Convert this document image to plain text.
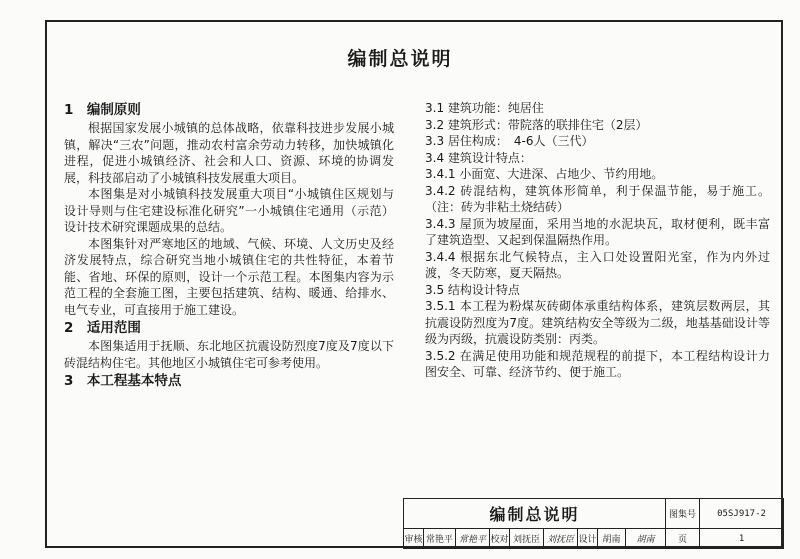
编制总说明

1　编制原则

根据国家发展小城镇的总体战略，依靠科技进步发展小城镇，解决“三农”问题，推动农村富余劳动力转移，加快城镇化进程，促进小城镇经济、社会和人口、资源、环境的协调发展，科技部启动了小城镇科技发展重大项目。

本图集是对小城镇科技发展重大项目“小城镇住区规划与设计导则与住宅建设标准化研究”一小城镇住宅通用（示范）设计技术研究课题成果的总结。

本图集针对严寒地区的地域、气候、环境、人文历史及经济发展特点，综合研究当地小城镇住宅的共性特征，本着节能、省地、环保的原则，设计一个示范工程。本图集内容为示范工程的全套施工图，主要包括建筑、结构、暖通、给排水、电气专业，可直接用于施工建设。

2　适用范围

本图集适用于抚顺、东北地区抗震设防烈度7度及7度以下砖混结构住宅。其他地区小城镇住宅可参考使用。

3　本工程基本特点

3.1 建筑功能：纯居住

3.2 建筑形式：带院落的联排住宅（2层）

3.3 居住构成：　4-6人（三代）

3.4 建筑设计特点：

3.4.1 小面宽、大进深、占地少、节约用地。

3.4.2 砖混结构，建筑体形简单，利于保温节能，易于施工。（注：砖为非粘土烧结砖）

3.4.3 屋顶为坡屋面，采用当地的水泥块瓦，取材便利，既丰富了建筑造型、又起到保温隔热作用。

3.4.4 根据东北气候特点，主入口处设置阳光室，作为内外过渡，冬天防寒，夏天隔热。

3.5 结构设计特点

3.5.1 本工程为粉煤灰砖砌体承重结构体系，建筑层数两层，其抗震设防烈度为7度。建筑结构安全等级为二级，地基基础设计等级为丙级，抗震设防类别：丙类。

3.5.2 在满足使用功能和规范规程的前提下，本工程结构设计力图安全、可靠、经济节约、便于施工。

编制总说明									图集号	05SJ917-2
审核	常艳平	常艳平	校对	刘抚臣	刘抚臣	设计	胡南	胡南	页	1
